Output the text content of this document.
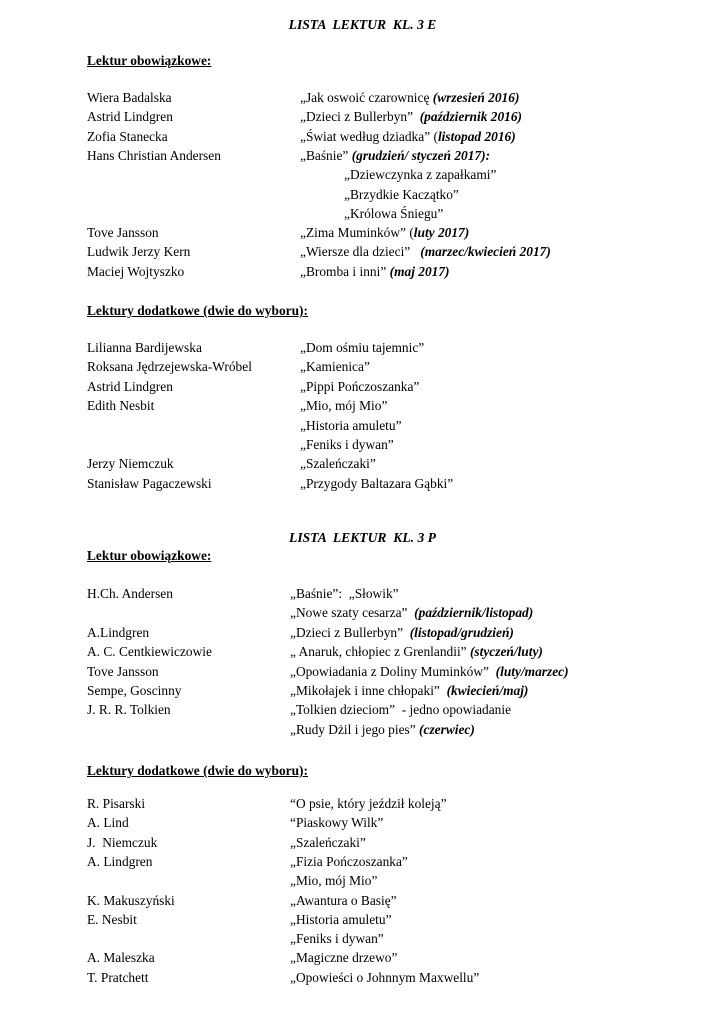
LISTA  LEKTUR  KL. 3 E
Lektur obowiązkowe:
Wiera Badalska	„Jak oswoić czarownicę (wrzesień 2016)
Astrid Lindgren	„Dzieci z Bullerbyn”  (październik 2016)
Zofia Stanecka	„Świat według dziadka” (listopad 2016)
Hans Christian Andersen	„Baśnie” (grudzień/ styczeń 2017):
„Dziewczynka z zapałkami”
„Brzydkie Kaczątko”
„Królowa Śniegu”
Tove Jansson	„Zima Muminków” (luty 2017)
Ludwik Jerzy Kern	„Wiersze dla dzieci”   (marzec/kwiecień 2017)
Maciej Wojtyszko	„Bromba i inni” (maj 2017)
Lektury dodatkowe (dwie do wyboru):
Lilianna Bardijewska	„Dom ośmiu tajemnic”
Roksana Jędrzejewska-Wróbel	„Kamienica”
Astrid Lindgren	„Pippi Pończoszanka”
Edith Nesbit	„Mio, mój Mio”
„Historia amuletu”
„Feniks i dywan”
Jerzy Niemczuk	„Szaleńczaki”
Stanisław Pagaczewski	„Przygody Baltazara Gąbki”
LISTA  LEKTUR  KL. 3 P
Lektur obowiązkowe:
H.Ch. Andersen	„Baśnie”:  „Słowik”
„Nowe szaty cesarza”  (październik/listopad)
A.Lindgren	„Dzieci z Bullerbyn”  (listopad/grudzień)
A. C. Centkiewiczowie	„ Anaruk, chłopiec z Grenlandii” (styczeń/luty)
Tove Jansson	„Opowiadania z Doliny Muminków”  (luty/marzec)
Sempe, Goscinny	„Mikołajek i inne chłopaki”  (kwiecień/maj)
J. R. R. Tolkien	„Tolkien dzieciom”  - jedno opowiadanie
„Rudy Dżil i jego pies” (czerwiec)
Lektury dodatkowe (dwie do wyboru):
R. Pisarski	“O psie, który jeździł koleją”
A. Lind	“Piaskowy Wilk”
J.  Niemczuk	„Szaleńczaki”
A. Lindgren	„Fizia Pończoszanka”
„Mio, mój Mio”
K. Makuszyński	„Awantura o Basię”
E. Nesbit	„Historia amuletu”
„Feniks i dywan”
A. Maleszka	„Magiczne drzewo”
T. Pratchett	„Opowieści o Johnnym Maxwellu”
